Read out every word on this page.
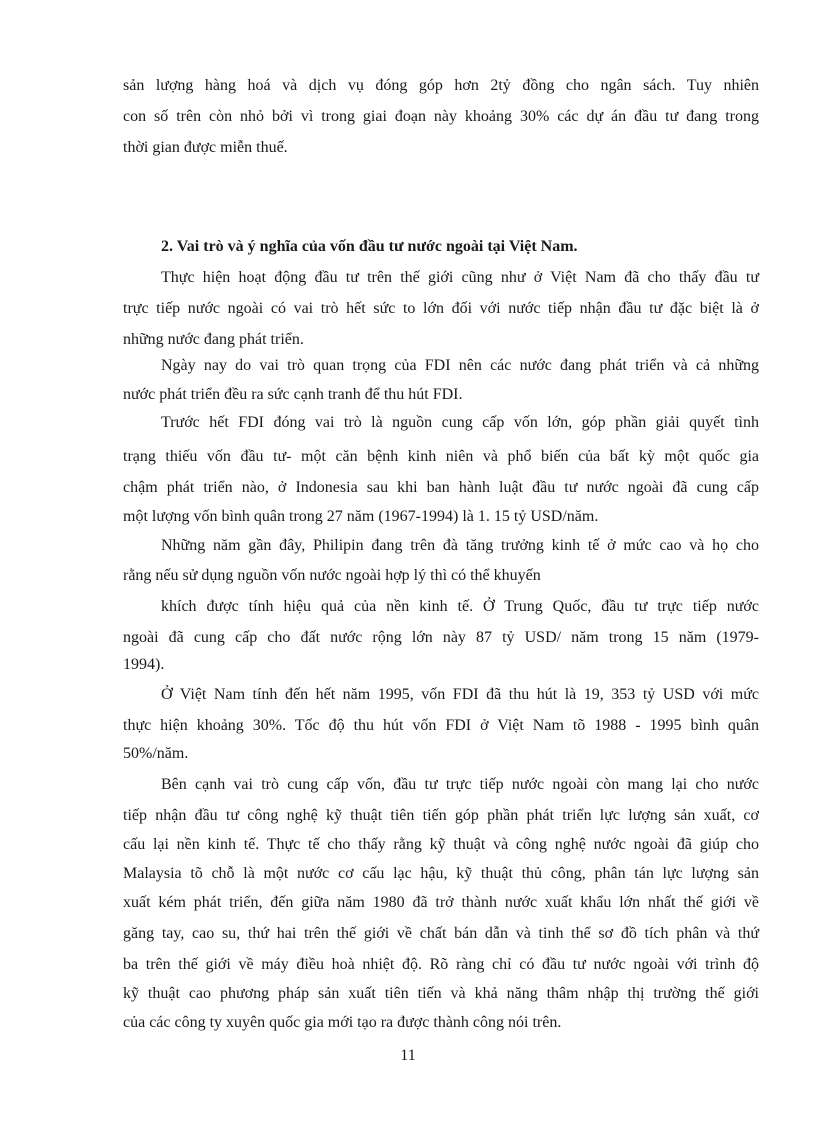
sản lượng hàng hoá và dịch vụ đóng góp hơn 2tỷ đồng cho ngân sách. Tuy nhiên
con số trên còn nhỏ bởi vì trong giai đoạn này khoảng 30% các dự án đầu tư đang trong
thời gian được miễn thuế.
2. Vai trò và ý nghĩa của vốn đầu tư nước ngoài tại Việt Nam.
Thực hiện hoạt động đầu tư trên thế giới cũng như ở Việt Nam đã cho thấy đầu tư
trực tiếp nước ngoài có vai trò hết sức to lớn đối với nước tiếp nhận đầu tư đặc biệt là ở
những nước đang phát triển.
Ngày nay do vai trò quan trọng của FDI nên các nước đang phát triển và cả những
nước phát triển đều ra sức cạnh tranh để thu hút FDI.
Trước hết FDI đóng vai trò là nguồn cung cấp vốn lớn, góp phần giải quyết tình
trạng thiếu vốn đầu tư- một căn bệnh kinh niên và phổ biến của bất kỳ một quốc gia
chậm phát triển nào, ở Indonesia sau khi ban hành luật đầu tư nước ngoài đã cung cấp
một lượng vốn bình quân trong 27 năm (1967-1994) là 1. 15 tỷ USD/năm.
Những năm gần đây, Philipin đang trên đà tăng trưởng kinh tế ở mức cao và họ cho
rằng nếu sử dụng nguồn vốn nước ngoài hợp lý thì có thể khuyến
khích được tính hiệu quả của nền kinh tế. Ở Trung Quốc, đầu tư trực tiếp nước
ngoài đã cung cấp cho đất nước rộng lớn này 87 tỷ USD/ năm trong 15 năm (1979-
1994).
Ở Việt Nam tính đến hết năm 1995, vốn FDI đã thu hút là 19, 353 tỷ USD với mức
thực hiện khoảng 30%. Tốc độ thu hút vốn FDI ở Việt Nam tõ 1988 - 1995 bình quân
50%/năm.
Bên cạnh vai trò cung cấp vốn, đầu tư trực tiếp nước ngoài còn mang lại cho nước
tiếp nhận đầu tư công nghệ kỹ thuật tiên tiến góp phần phát triển lực lượng sản xuất, cơ
cấu lại nền kinh tế. Thực tế cho thấy rằng kỹ thuật và công nghệ nước ngoài đã giúp cho
Malaysia tõ chỗ là một nước cơ cấu lạc hậu, kỹ thuật thủ công, phân tán lực lượng sản
xuất kém phát triển, đến giữa năm 1980 đã trở thành nước xuất khẩu lớn nhất thế giới về
găng tay, cao su, thứ hai trên thế giới về chất bán dẫn và tinh thể sơ đồ tích phân và thứ
ba trên thế giới về máy điều hoà nhiệt độ. Rõ ràng chỉ có đầu tư nước ngoài với trình độ
kỹ thuật cao phương pháp sản xuất tiên tiến và khả năng thâm nhập thị trường thế giới
của các công ty xuyên quốc gia mới tạo ra được thành công nói trên.
11
